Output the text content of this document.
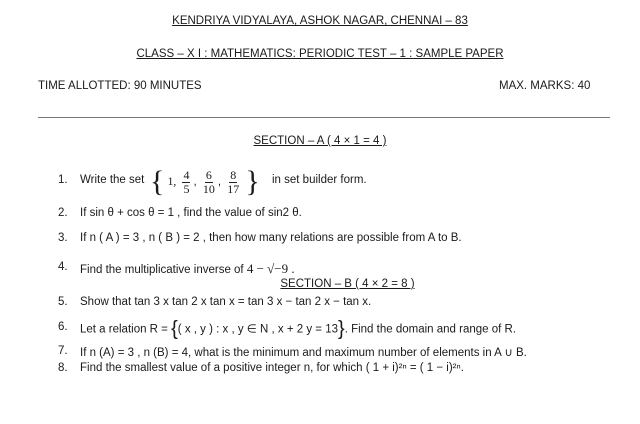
KENDRIYA VIDYALAYA, ASHOK NAGAR, CHENNAI – 83
CLASS – X I : MATHEMATICS: PERIODIC TEST – 1 : SAMPLE PAPER
TIME ALLOTTED: 90 MINUTES	MAX. MARKS: 40
SECTION – A ( 4 × 1 = 4 )
1. Write the set { 1, $\frac{4}{5}$ , $\frac{6}{10}$ , $\frac{8}{17}$ } in set builder form.
2. If sin θ + cos θ = 1 , find the value of sin2 θ.
3. If n ( A ) = 3 , n ( B ) = 2 , then how many relations are possible from A to B.
4. Find the multiplicative inverse of 4 − √−9 .
SECTION – B ( 4 × 2 = 8 )
5. Show that tan 3 x tan 2 x tan x = tan 3 x − tan 2 x − tan x.
6. Let a relation R = {( x , y ) : x , y ∈ N , x + 2 y = 13}. Find the domain and range of R.
7. If n (A) = 3 , n (B) = 4, what is the minimum and maximum number of elements in A ∪ B.
8. Find the smallest value of a positive integer n, for which ( 1 + i)²ⁿ = ( 1 − i)²ⁿ.
